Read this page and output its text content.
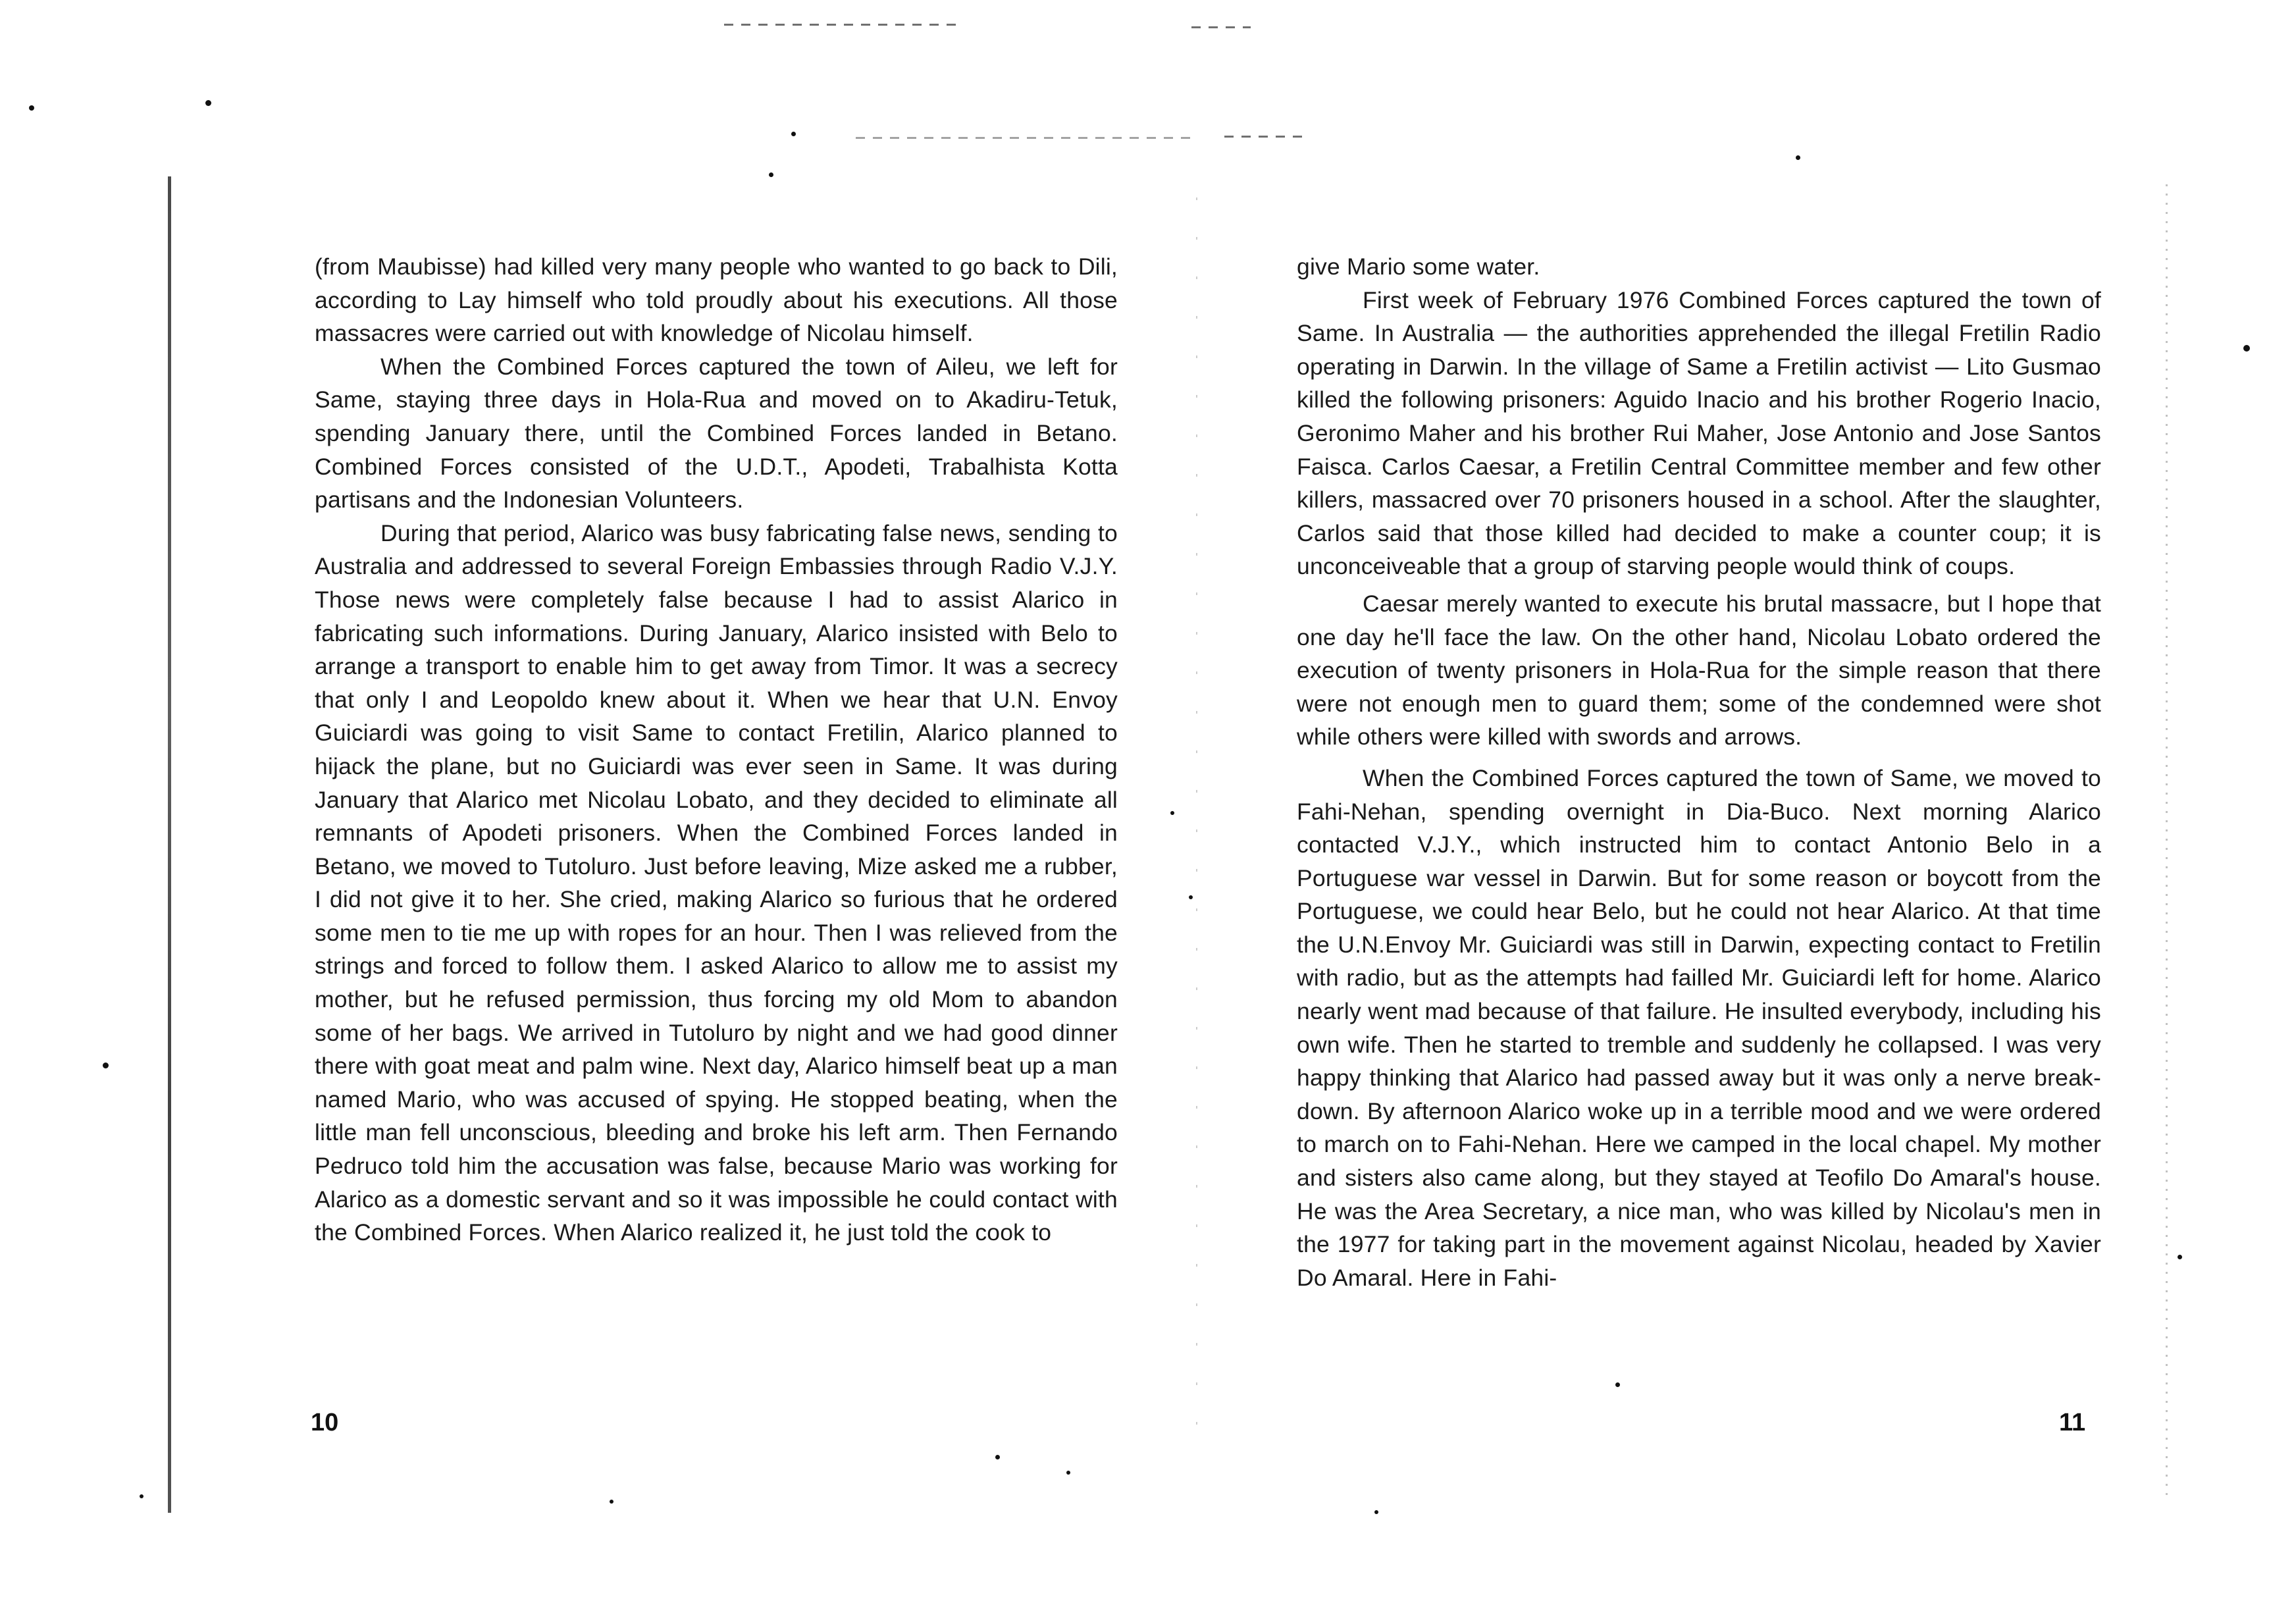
(from Maubisse) had killed very many people who wanted to go back to Dili, according to Lay himself who told proudly about his executions. All those massacres were carried out with knowledge of Nicolau himself.

When the Combined Forces captured the town of Aileu, we left for Same, staying three days in Hola-Rua and moved on to Akadiru-Tetuk, spending January there, until the Combined Forces landed in Betano. Combined Forces consisted of the U.D.T., Apodeti, Trabalhista Kotta partisans and the Indonesian Volunteers.

During that period, Alarico was busy fabricating false news, sending to Australia and addressed to several Foreign Embassies through Radio V.J.Y. Those news were completely false because I had to assist Alarico in fabricating such informations. During January, Alarico insisted with Belo to arrange a transport to enable him to get away from Timor. It was a secrecy that only I and Leopoldo knew about it. When we hear that U.N. Envoy Guiciardi was going to visit Same to contact Fretilin, Alarico planned to hijack the plane, but no Guiciardi was ever seen in Same. It was during January that Alarico met Nicolau Lobato, and they decided to eliminate all remnants of Apodeti prisoners. When the Combined Forces landed in Betano, we moved to Tutoluro. Just before leaving, Mize asked me a rubber, I did not give it to her. She cried, making Alarico so furious that he ordered some men to tie me up with ropes for an hour. Then I was relieved from the strings and forced to follow them. I asked Alarico to allow me to assist my mother, but he refused permission, thus forcing my old Mom to abandon some of her bags. We arrived in Tutoluro by night and we had good dinner there with goat meat and palm wine. Next day, Alarico himself beat up a man named Mario, who was accused of spying. He stopped beating, when the little man fell unconscious, bleeding and broke his left arm. Then Fernando Pedruco told him the accusation was false, because Mario was working for Alarico as a domestic servant and so it was impossible he could contact with the Combined Forces. When Alarico realized it, he just told the cook to

10

give Mario some water.

First week of February 1976 Combined Forces captured the town of Same. In Australia — the authorities apprehended the illegal Fretilin Radio operating in Darwin. In the village of Same a Fretilin activist — Lito Gusmao killed the following prisoners: Aguido Inacio and his brother Rogerio Inacio, Geronimo Maher and his brother Rui Maher, Jose Antonio and Jose Santos Faisca. Carlos Caesar, a Fretilin Central Committee member and few other killers, massacred over 70 prisoners housed in a school. After the slaughter, Carlos said that those killed had decided to make a counter coup; it is unconceiveable that a group of starving people would think of coups.

Caesar merely wanted to execute his brutal massacre, but I hope that one day he'll face the law. On the other hand, Nicolau Lobato ordered the execution of twenty prisoners in Hola-Rua for the simple reason that there were not enough men to guard them; some of the condemned were shot while others were killed with swords and arrows.

When the Combined Forces captured the town of Same, we moved to Fahi-Nehan, spending overnight in Dia-Buco. Next morning Alarico contacted V.J.Y., which instructed him to contact Antonio Belo in a Portuguese war vessel in Darwin. But for some reason or boycott from the Portuguese, we could hear Belo, but he could not hear Alarico. At that time the U.N.Envoy Mr. Guiciardi was still in Darwin, expecting contact to Fretilin with radio, but as the attempts had failled Mr. Guiciardi left for home. Alarico nearly went mad because of that failure. He insulted everybody, including his own wife. Then he started to tremble and suddenly he collapsed. I was very happy thinking that Alarico had passed away but it was only a nerve break-down. By afternoon Alarico woke up in a terrible mood and we were ordered to march on to Fahi-Nehan. Here we camped in the local chapel. My mother and sisters also came along, but they stayed at Teofilo Do Amaral's house. He was the Area Secretary, a nice man, who was killed by Nicolau's men in the 1977 for taking part in the movement against Nicolau, headed by Xavier Do Amaral. Here in Fahi-

11
